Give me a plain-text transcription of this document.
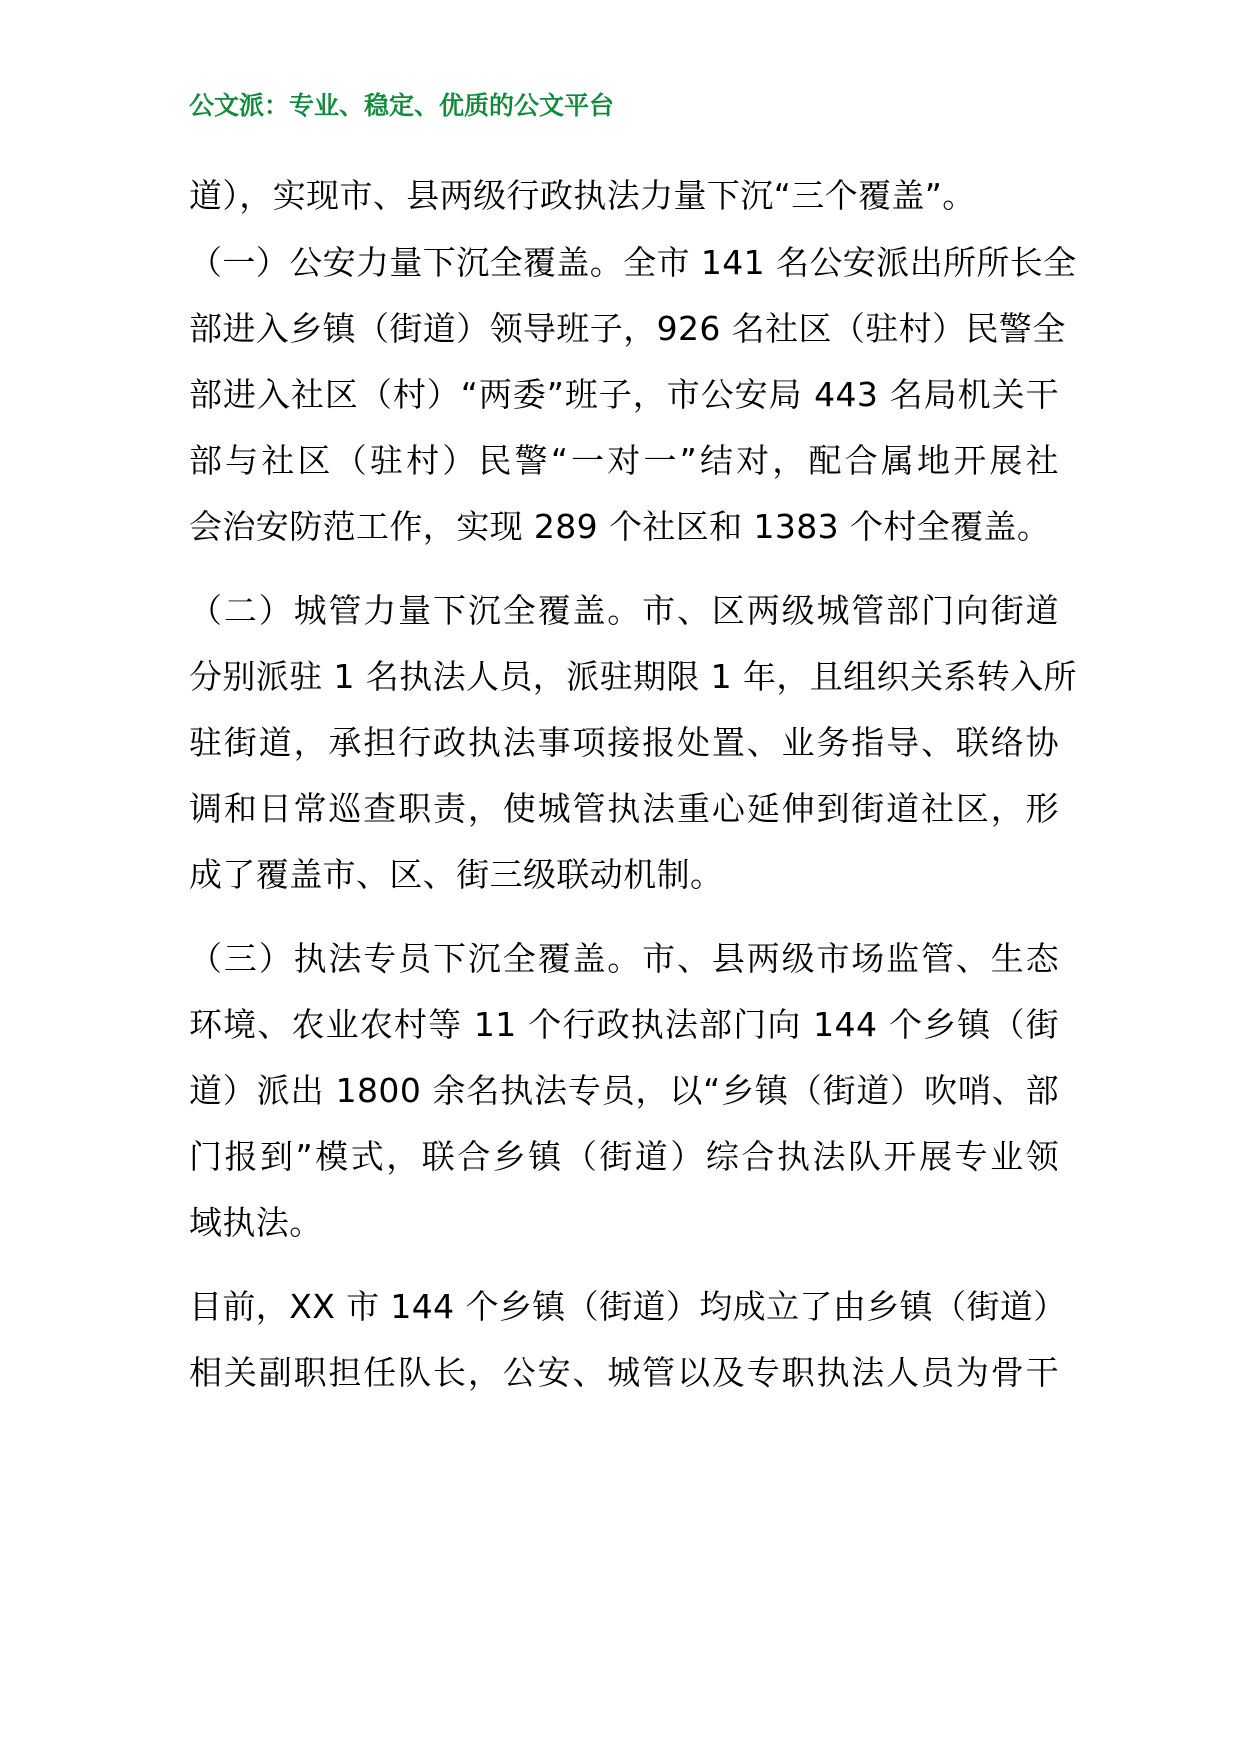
公文派：专业、稳定、优质的公文平台
道），实现市、县两级行政执法力量下沉“三个覆盖”。
（一）公安力量下沉全覆盖。全市 141 名公安派出所所长全
部进入乡镇（街道）领导班子，926 名社区（驻村）民警全
部进入社区（村）“两委”班子，市公安局 443 名局机关干
部与社区（驻村）民警“一对一”结对，配合属地开展社
会治安防范工作，实现 289 个社区和 1383 个村全覆盖。
（二）城管力量下沉全覆盖。市、区两级城管部门向街道
分别派驻 1 名执法人员，派驻期限 1 年，且组织关系转入所
驻街道，承担行政执法事项接报处置、业务指导、联络协
调和日常巡查职责，使城管执法重心延伸到街道社区，形
成了覆盖市、区、街三级联动机制。
（三）执法专员下沉全覆盖。市、县两级市场监管、生态
环境、农业农村等 11 个行政执法部门向 144 个乡镇（街
道）派出 1800 余名执法专员，以“乡镇（街道）吹哨、部
门报到”模式，联合乡镇（街道）综合执法队开展专业领
域执法。
目前，XX 市 144 个乡镇（街道）均成立了由乡镇（街道）
相关副职担任队长，公安、城管以及专职执法人员为骨干
